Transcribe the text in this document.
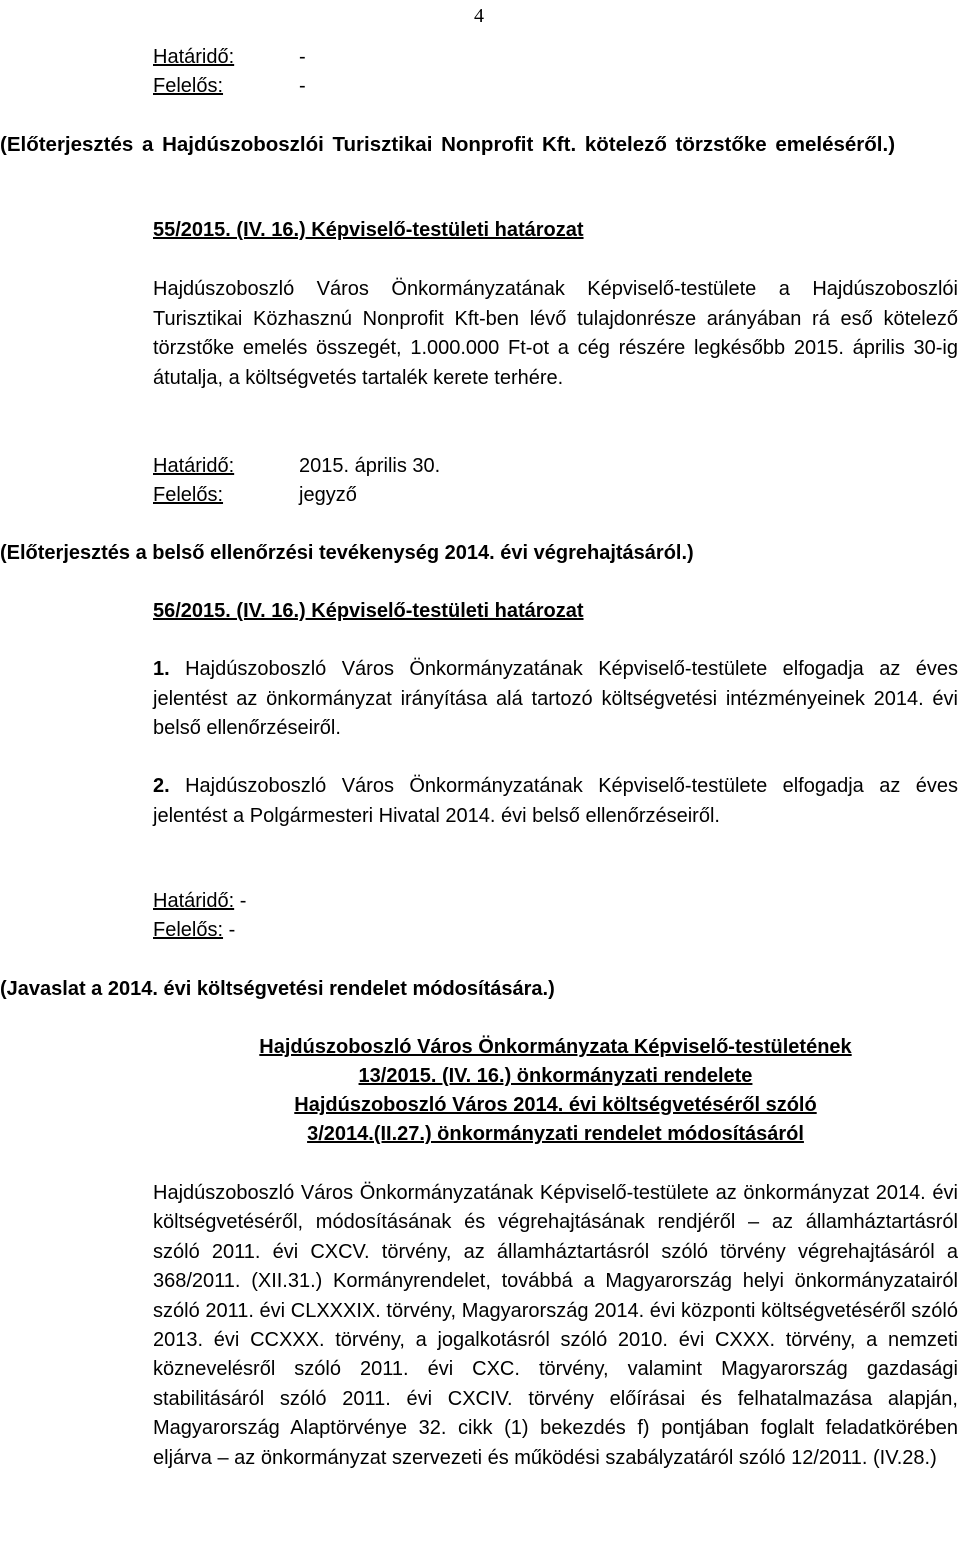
4
Határidő:	-
Felelős:	-
(Előterjesztés a Hajdúszoboszlói Turisztikai Nonprofit Kft. kötelező törzstőke emeléséről.)
55/2015. (IV. 16.) Képviselő-testületi határozat
Hajdúszoboszló Város Önkormányzatának Képviselő-testülete a Hajdúszoboszlói Turisztikai Közhasznú Nonprofit Kft-ben lévő tulajdonrésze arányában rá eső kötelező törzstőke emelés összegét, 1.000.000 Ft-ot a cég részére legkésőbb 2015. április 30-ig átutalja, a költségvetés tartalék kerete terhére.
Határidő:	2015. április 30.
Felelős:	jegyző
(Előterjesztés a belső ellenőrzési tevékenység 2014. évi végrehajtásáról.)
56/2015. (IV. 16.) Képviselő-testületi határozat
1. Hajdúszoboszló Város Önkormányzatának Képviselő-testülete elfogadja az éves jelentést az önkormányzat irányítása alá tartozó költségvetési intézményeinek 2014. évi belső ellenőrzéseiről.
2. Hajdúszoboszló Város Önkormányzatának Képviselő-testülete elfogadja az éves jelentést a Polgármesteri Hivatal 2014. évi belső ellenőrzéseiről.
Határidő: -
Felelős: -
(Javaslat a 2014. évi költségvetési rendelet módosítására.)
Hajdúszoboszló Város Önkormányzata Képviselő-testületének
13/2015. (IV. 16.) önkormányzati rendelete
Hajdúszoboszló Város 2014. évi költségvetéséről szóló
3/2014.(II.27.) önkormányzati rendelet módosításáról
Hajdúszoboszló Város Önkormányzatának Képviselő-testülete az önkormányzat 2014. évi költségvetéséről, módosításának és végrehajtásának rendjéről – az államháztartásról szóló 2011. évi CXCV. törvény, az államháztartásról szóló törvény végrehajtásáról a 368/2011. (XII.31.) Kormányrendelet, továbbá a Magyarország helyi önkormányzatairól szóló 2011. évi CLXXXIX. törvény, Magyarország 2014. évi központi költségvetéséről szóló 2013. évi CCXXX. törvény, a jogalkotásról szóló 2010. évi CXXX. törvény, a nemzeti köznevelésről szóló 2011. évi CXC. törvény, valamint Magyarország gazdasági stabilitásáról szóló 2011. évi CXCIV. törvény előírásai és felhatalmazása alapján, Magyarország Alaptörvénye 32. cikk (1) bekezdés f) pontjában foglalt feladatkörében eljárva – az önkormányzat szervezeti és működési szabályzatáról szóló 12/2011. (IV.28.)
